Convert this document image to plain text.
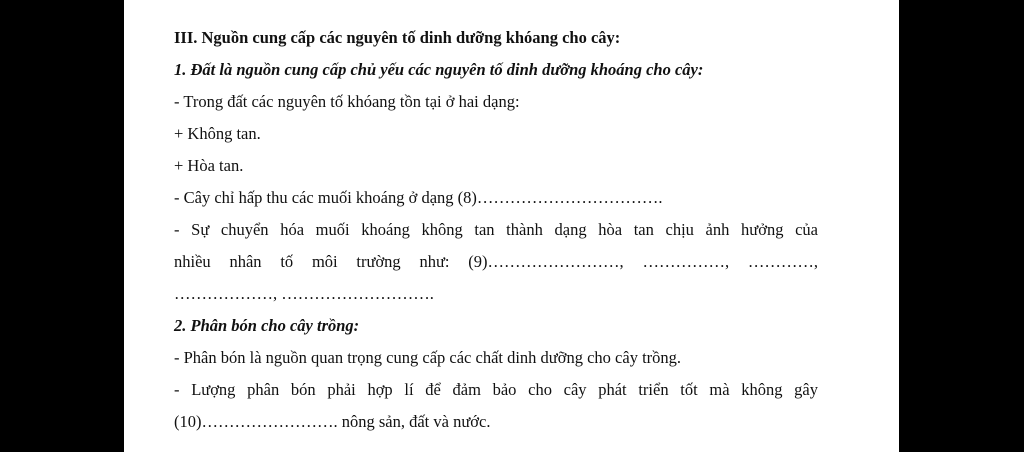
III. Nguồn cung cấp các nguyên tố dinh dưỡng khóang cho cây:
1. Đất là nguồn cung cấp chủ yếu các nguyên tố dinh dưỡng khoáng cho cây:
- Trong đất các nguyên tố khóang tồn tại ở hai dạng:
+ Không tan.
+ Hòa tan.
- Cây chỉ hấp thu các muối khoáng ở dạng (8)…………………………….
- Sự chuyển hóa muối khoáng không tan thành dạng hòa tan chịu ảnh hưởng của
nhiều nhân tố môi trường như: (9)……………………, ……………, …………,
………………, ……………………….
2. Phân bón cho cây trồng:
- Phân bón là nguồn quan trọng cung cấp các chất dinh dưỡng cho cây trồng.
- Lượng phân bón phải hợp lí để đảm bảo cho cây phát triển tốt mà không gây
(10)……………………. nông sản, đất và nước.
